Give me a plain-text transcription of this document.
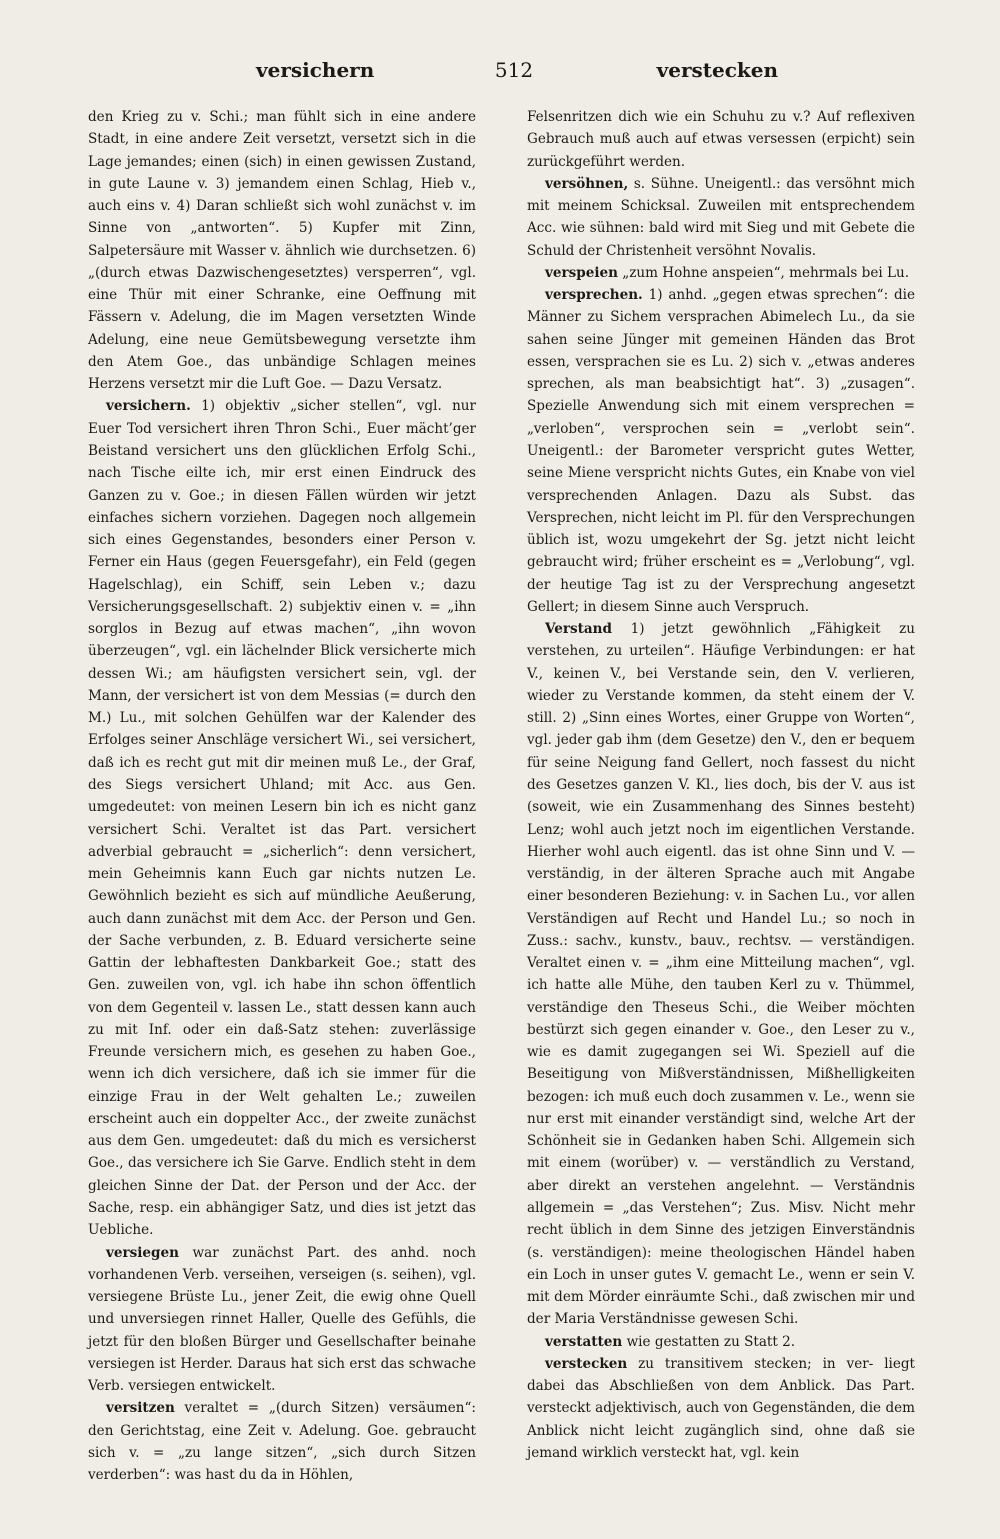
versichern	512	verstecken

den Krieg zu v. Schi.; man fühlt sich in eine andere Stadt, in eine andere Zeit versetzt, versetzt sich in die Lage jemandes; einen (sich) in einen gewissen Zustand, in gute Laune v. 3) jemandem einen Schlag, Hieb v., auch eins v. 4) Daran schließt sich wohl zunächst v. im Sinne von „antworten“. 5) Kupfer mit Zinn, Salpetersäure mit Wasser v. ähnlich wie durchsetzen. 6) „(durch etwas Dazwischengesetztes) versperren“, vgl. eine Thür mit einer Schranke, eine Oeffnung mit Fässern v. Adelung, die im Magen versetzten Winde Adelung, eine neue Gemütsbewegung versetzte ihm den Atem Goe., das unbändige Schlagen meines Herzens versetzt mir die Luft Goe. — Dazu Versatz.

versichern. 1) objektiv „sicher stellen“, vgl. nur Euer Tod versichert ihren Thron Schi., Euer mächt’ger Beistand versichert uns den glücklichen Erfolg Schi., nach Tische eilte ich, mir erst einen Eindruck des Ganzen zu v. Goe.; in diesen Fällen würden wir jetzt einfaches sichern vorziehen. Dagegen noch allgemein sich eines Gegenstandes, besonders einer Person v. Ferner ein Haus (gegen Feuersgefahr), ein Feld (gegen Hagelschlag), ein Schiff, sein Leben v.; dazu Versicherungsgesellschaft. 2) subjektiv einen v. = „ihn sorglos in Bezug auf etwas machen“, „ihn wovon überzeugen“, vgl. ein lächelnder Blick versicherte mich dessen Wi.; am häufigsten versichert sein, vgl. der Mann, der versichert ist von dem Messias (= durch den M.) Lu., mit solchen Gehülfen war der Kalender des Erfolges seiner Anschläge versichert Wi., sei versichert, daß ich es recht gut mit dir meinen muß Le., der Graf, des Siegs versichert Uhland; mit Acc. aus Gen. umgedeutet: von meinen Lesern bin ich es nicht ganz versichert Schi. Veraltet ist das Part. versichert adverbial gebraucht = „sicherlich“: denn versichert, mein Geheimnis kann Euch gar nichts nutzen Le. Gewöhnlich bezieht es sich auf mündliche Aeußerung, auch dann zunächst mit dem Acc. der Person und Gen. der Sache verbunden, z. B. Eduard versicherte seine Gattin der lebhaftesten Dankbarkeit Goe.; statt des Gen. zuweilen von, vgl. ich habe ihn schon öffentlich von dem Gegenteil v. lassen Le., statt dessen kann auch zu mit Inf. oder ein daß-Satz stehen: zuverlässige Freunde versichern mich, es gesehen zu haben Goe., wenn ich dich versichere, daß ich sie immer für die einzige Frau in der Welt gehalten Le.; zuweilen erscheint auch ein doppelter Acc., der zweite zunächst aus dem Gen. umgedeutet: daß du mich es versicherst Goe., das versichere ich Sie Garve. Endlich steht in dem gleichen Sinne der Dat. der Person und der Acc. der Sache, resp. ein abhängiger Satz, und dies ist jetzt das Uebliche.

versiegen war zunächst Part. des anhd. noch vorhandenen Verb. verseihen, verseigen (s. seihen), vgl. versiegene Brüste Lu., jener Zeit, die ewig ohne Quell und unversiegen rinnet Haller, Quelle des Gefühls, die jetzt für den bloßen Bürger und Gesellschafter beinahe versiegen ist Herder. Daraus hat sich erst das schwache Verb. versiegen entwickelt.

versitzen veraltet = „(durch Sitzen) versäumen“: den Gerichtstag, eine Zeit v. Adelung. Goe. gebraucht sich v. = „zu lange sitzen“, „sich durch Sitzen verderben“: was hast du da in Höhlen,

Felsenritzen dich wie ein Schuhu zu v.? Auf reflexiven Gebrauch muß auch auf etwas versessen (erpicht) sein zurückgeführt werden.

versöhnen, s. Sühne. Uneigentl.: das versöhnt mich mit meinem Schicksal. Zuweilen mit entsprechendem Acc. wie sühnen: bald wird mit Sieg und mit Gebete die Schuld der Christenheit versöhnt Novalis.

verspeien „zum Hohne anspeien“, mehrmals bei Lu.

versprechen. 1) anhd. „gegen etwas sprechen“: die Männer zu Sichem versprachen Abimelech Lu., da sie sahen seine Jünger mit gemeinen Händen das Brot essen, versprachen sie es Lu. 2) sich v. „etwas anderes sprechen, als man beabsichtigt hat“. 3) „zusagen“. Spezielle Anwendung sich mit einem versprechen = „verloben“, versprochen sein = „verlobt sein“. Uneigentl.: der Barometer verspricht gutes Wetter, seine Miene verspricht nichts Gutes, ein Knabe von viel versprechenden Anlagen. Dazu als Subst. das Versprechen, nicht leicht im Pl. für den Versprechungen üblich ist, wozu umgekehrt der Sg. jetzt nicht leicht gebraucht wird; früher erscheint es = „Verlobung“, vgl. der heutige Tag ist zu der Versprechung angesetzt Gellert; in diesem Sinne auch Verspruch.

Verstand 1) jetzt gewöhnlich „Fähigkeit zu verstehen, zu urteilen“. Häufige Verbindungen: er hat V., keinen V., bei Verstande sein, den V. verlieren, wieder zu Verstande kommen, da steht einem der V. still. 2) „Sinn eines Wortes, einer Gruppe von Worten“, vgl. jeder gab ihm (dem Gesetze) den V., den er bequem für seine Neigung fand Gellert, noch fassest du nicht des Gesetzes ganzen V. Kl., lies doch, bis der V. aus ist (soweit, wie ein Zusammenhang des Sinnes besteht) Lenz; wohl auch jetzt noch im eigentlichen Verstande. Hierher wohl auch eigentl. das ist ohne Sinn und V. — verständig, in der älteren Sprache auch mit Angabe einer besonderen Beziehung: v. in Sachen Lu., vor allen Verständigen auf Recht und Handel Lu.; so noch in Zuss.: sachv., kunstv., bauv., rechtsv. — verständigen. Veraltet einen v. = „ihm eine Mitteilung machen“, vgl. ich hatte alle Mühe, den tauben Kerl zu v. Thümmel, verständige den Theseus Schi., die Weiber möchten bestürzt sich gegen einander v. Goe., den Leser zu v., wie es damit zugegangen sei Wi. Speziell auf die Beseitigung von Mißverständnissen, Mißhelligkeiten bezogen: ich muß euch doch zusammen v. Le., wenn sie nur erst mit einander verständigt sind, welche Art der Schönheit sie in Gedanken haben Schi. Allgemein sich mit einem (worüber) v. — verständlich zu Verstand, aber direkt an verstehen angelehnt. — Verständnis allgemein = „das Verstehen“; Zus. Misv. Nicht mehr recht üblich in dem Sinne des jetzigen Einverständnis (s. verständigen): meine theologischen Händel haben ein Loch in unser gutes V. gemacht Le., wenn er sein V. mit dem Mörder einräumte Schi., daß zwischen mir und der Maria Verständnisse gewesen Schi.

verstatten wie gestatten zu Statt 2.

verstecken zu transitivem stecken; in ver- liegt dabei das Abschließen von dem Anblick. Das Part. versteckt adjektivisch, auch von Gegenständen, die dem Anblick nicht leicht zugänglich sind, ohne daß sie jemand wirklich versteckt hat, vgl. kein
